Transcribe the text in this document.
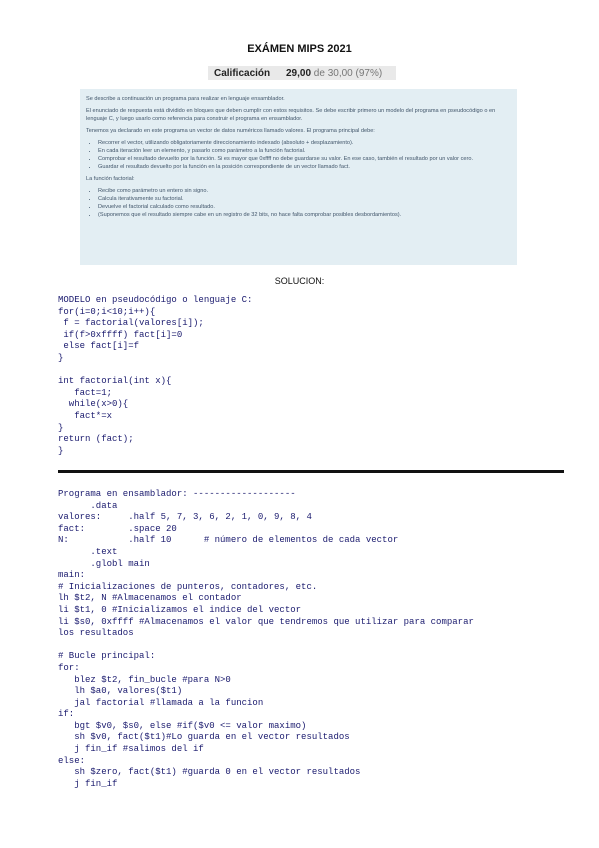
EXÁMEN MIPS 2021
Calificación	29,00 de 30,00 (97%)

Se describe a continuación un programa para realizar en lenguaje ensamblador.

El enunciado de respuesta está dividido en bloques que deben cumplir con estos requisitos. Se debe escribir primero un modelo del programa en pseudocódigo o en lenguaje C, y luego usarlo como referencia para construir el programa en ensamblador.

Tenemos ya declarado en este programa un vector de datos numéricos llamado valores. El programa principal debe:

• Recorrer el vector, utilizando obligatoriamente direccionamiento indexado (absoluto + desplazamiento).
• En cada iteración leer un elemento, y pasarlo como parámetro a la función factorial.
• Comprobar el resultado devuelto por la función. Si es mayor que 0xffff no debe guardarse su valor. En ese caso, también el resultado por un valor cero.
• Guardar el resultado devuelto por la función en la posición correspondiente de un vector llamado fact.

La función factorial:

• Recibe como parámetro un entero sin signo.
• Calcula iterativamente su factorial.
• Devuelve el factorial calculado como resultado.
• (Suponemos que el resultado siempre cabe en un registro de 32 bits, no hace falta comprobar posibles desbordamientos).
SOLUCION:
MODELO en pseudocódigo o lenguaje C:
for(i=0;i<10;i++){
f = factorial(valores[i]);
if(f>0xffff) fact[i]=0
else fact[i]=f
}

int factorial(int x){
fact=1;
while(x>0){
fact*=x
}
return (fact);
}
Programa en ensamblador: -------------------
.data
valores:     .half 5, 7, 3, 6, 2, 1, 0, 9, 8, 4
fact:        .space 20
N:           .half 10      # número de elementos de cada vector
.text
.globl main
main:
# Inicializaciones de punteros, contadores, etc.
lh $t2, N #Almacenamos el contador
li $t1, 0 #Inicializamos el indice del vector
li $s0, 0xffff #Almacenamos el valor que tendremos que utilizar para comparar
los resultados

# Bucle principal:
for:
blez $t2, fin_bucle #para N>0
lh $a0, valores($t1)
jal factorial #llamada a la funcion
if:
bgt $v0, $s0, else #if($v0 <= valor maximo)
sh $v0, fact($t1)#Lo guarda en el vector resultados
j fin_if #salimos del if
else:
sh $zero, fact($t1) #guarda 0 en el vector resultados
j fin_if
